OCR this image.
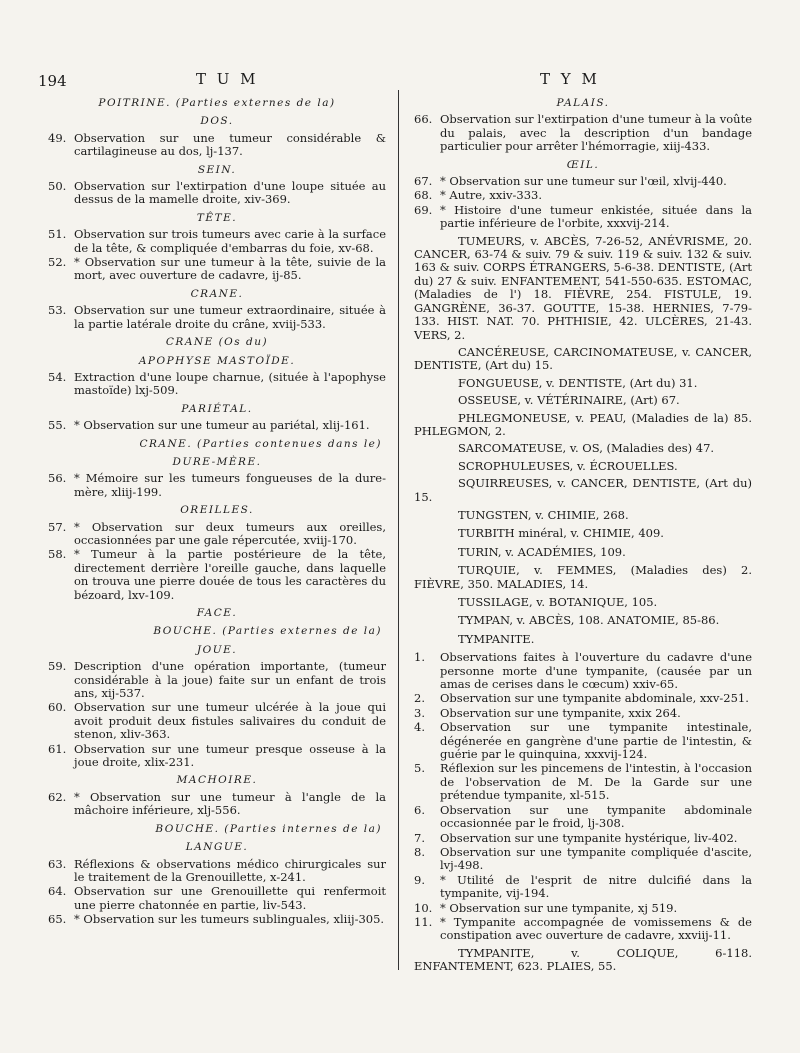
194	T U M	T Y M
POITRINE. (Parties externes de la)
DOS.
49. Observation sur une tumeur considérable & cartilagineuse au dos, lj-137.
SEIN.
50. Observation sur l'extirpation d'une loupe située au dessus de la mamelle droite, xiv-369.
TÊTE.
51. Observation sur trois tumeurs avec carie à la surface de la tête, & compliquée d'embarras du foie, xv-68.
52. * Observation sur une tumeur à la tête, suivie de la mort, avec ouverture de cadavre, ij-85.
CRANE.
53. Observation sur une tumeur extraordinaire, située à la partie latérale droite du crâne, xviij-533.
CRANE (Os du)
APOPHYSE MASTOÏDE.
54. Extraction d'une loupe charnue, (située à l'apophyse mastoïde) lxj-509.
PARIÉTAL.
55. * Observation sur une tumeur au pariétal, xlij-161.
CRANE. (Parties contenues dans le)
DURE-MÈRE.
56. * Mémoire sur les tumeurs fongueuses de la dure-mère, xliij-199.
OREILLES.
57. * Observation sur deux tumeurs aux oreilles, occasionnées par une gale répercutée, xviij-170.
58. * Tumeur à la partie postérieure de la tête, directement derrière l'oreille gauche, dans laquelle on trouva une pierre douée de tous les caractères du bézoard, lxv-109.
FACE.
BOUCHE. (Parties externes de la)
JOUE.
59. Description d'une opération importante, (tumeur considérable à la joue) faite sur un enfant de trois ans, xij-537.
60. Observation sur une tumeur ulcérée à la joue qui avoit produit deux fistules salivaires du conduit de stenon, xliv-363.
61. Observation sur une tumeur presque osseuse à la joue droite, xlix-231.
MACHOIRE.
62. * Observation sur une tumeur à l'angle de la mâchoire inférieure, xlj-556.
BOUCHE. (Parties internes de la)
LANGUE.
63. Réflexions & observations médico chirurgicales sur le traitement de la Grenouillette, x-241.
64. Observation sur une Grenouillette qui renfermoit une pierre chatonnée en partie, liv-543.
65. * Observation sur les tumeurs sublinguales, xliij-305.
PALAIS.
66. Observation sur l'extirpation d'une tumeur à la voûte du palais, avec la description d'un bandage particulier pour arrêter l'hémorragie, xiij-433.
ŒIL.
67. * Observation sur une tumeur sur l'œil, xlvij-440.
68. * Autre, xxiv-333.
69. * Histoire d'une tumeur enkistée, située dans la partie inférieure de l'orbite, xxxvij-214.
TUMEURS, v. ABCÈS, 7-26-52, ANÉVRISME, 20. CANCER, 63-74 & suiv. 79 & suiv. 119 & suiv. 132 & suiv. 163 & suiv. CORPS ÉTRANGERS, 5-6-38. DENTISTE, (Art du) 27 & suiv. ENFANTEMENT, 541-550-635. ESTOMAC, (Maladies de l') 18. FIÈVRE, 254. FISTULE, 19. GANGRÈNE, 36-37. GOUTTE, 15-38. HERNIES, 7-79-133. HIST. NAT. 70. PHTHISIE, 42. ULCÈRES, 21-43. VERS, 2.
CANCÉREUSE, CARCINOMATEUSE, v. CANCER, DENTISTE, (Art du) 15.
FONGUEUSE, v. DENTISTE, (Art du) 31.
OSSEUSE, v. VÉTÉRINAIRE, (Art) 67.
PHLEGMONEUSE, v. PEAU, (Maladies de la) 85. PHLEGMON, 2.
SARCOMATEUSE, v. OS, (Maladies des) 47.
SCROPHULEUSES, v. ÉCROUELLES.
SQUIRREUSES, v. CANCER, DENTISTE, (Art du) 15.
TUNGSTEN, v. CHIMIE, 268.
TURBITH minéral, v. CHIMIE, 409.
TURIN, v. ACADÉMIES, 109.
TURQUIE, v. FEMMES, (Maladies des) 2. FIÈVRE, 350. MALADIES, 14.
TUSSILAGE, v. BOTANIQUE, 105.
TYMPAN, v. ABCÈS, 108. ANATOMIE, 85-86.
TYMPANITE.
1.	Observations faites à l'ouverture du cadavre d'une personne morte d'une tympanite, (causée par un amas de cerises dans le cœcum) xxiv-65.
2.	Observation sur une tympanite abdominale, xxv-251.
3.	Observation sur une tympanite, xxix 264.
4.	Observation sur une tympanite intestinale, dégénerée en gangrène d'une partie de l'intestin, & guérie par le quinquina, xxxvij-124.
5.	Réflexion sur les pincemens de l'intestin, à l'occasion de l'observation de M. De la Garde sur une prétendue tympanite, xl-515.
6.	Observation sur une tympanite abdominale occasionnée par le froid, lj-308.
7.	Observation sur une tympanite hystérique, liv-402.
8.	Observation sur une tympanite compliquée d'ascite, lvj-498.
9.	* Utilité de l'esprit de nitre dulcifié dans la tympanite, vij-194.
10. * Observation sur une tympanite, xj 519.
11. * Tympanite accompagnée de vomissemens & de constipation avec ouverture de cadavre, xxviij-11.
TYMPANITE, v. COLIQUE, 6-118. ENFANTEMENT, 623. PLAIES, 55.
